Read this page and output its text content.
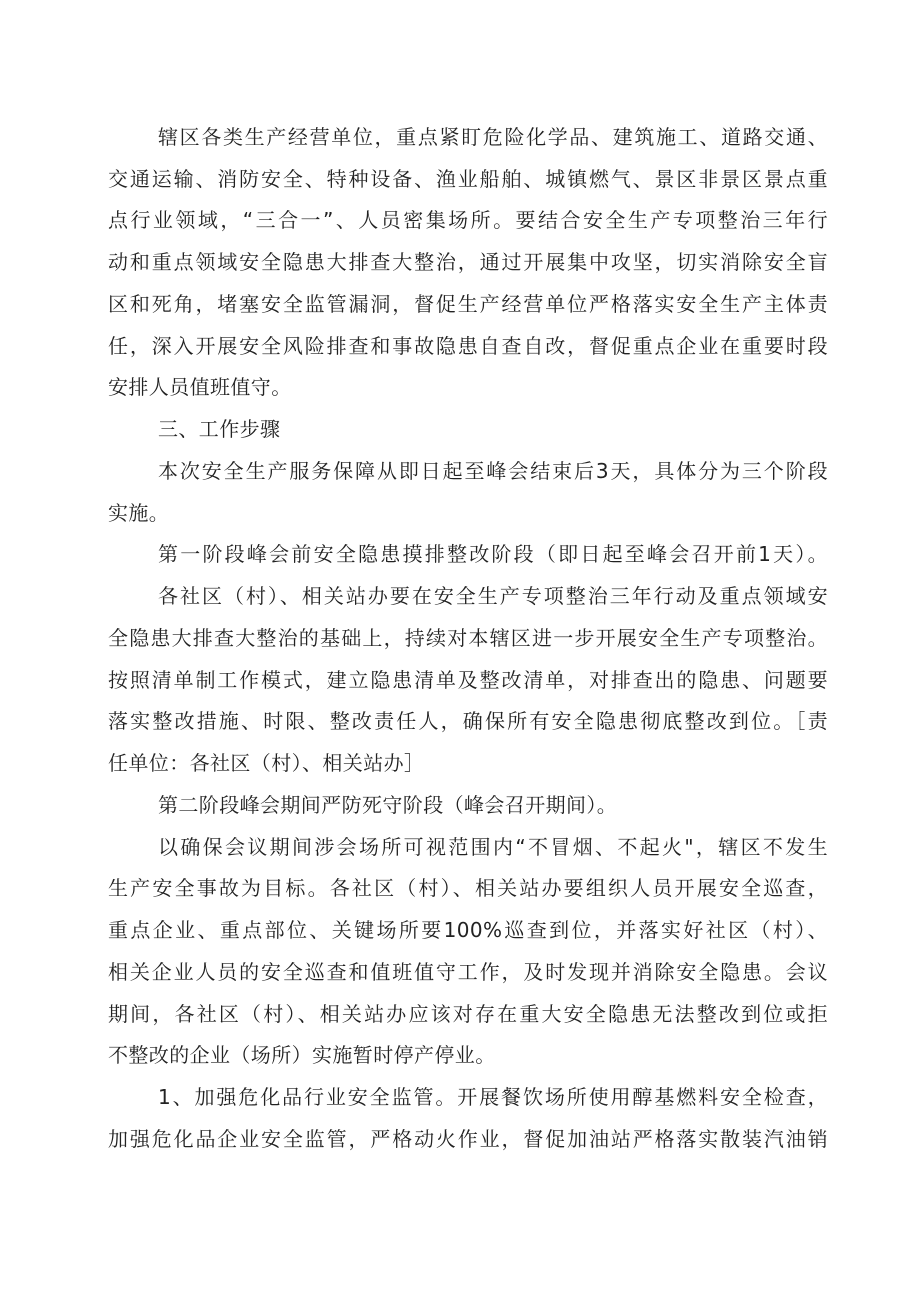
辖区各类生产经营单位，重点紧盯危险化学品、建筑施工、道路交通、
交通运输、消防安全、特种设备、渔业船舶、城镇燃气、景区非景区景点重
点行业领域，“三合一”、人员密集场所。要结合安全生产专项整治三年行
动和重点领域安全隐患大排查大整治，通过开展集中攻坚，切实消除安全盲
区和死角，堵塞安全监管漏洞，督促生产经营单位严格落实安全生产主体责
任，深入开展安全风险排查和事故隐患自查自改，督促重点企业在重要时段
安排人员值班值守。
三、工作步骤
本次安全生产服务保障从即日起至峰会结束后3天，具体分为三个阶段
实施。
第一阶段峰会前安全隐患摸排整改阶段（即日起至峰会召开前1天）。
各社区（村）、相关站办要在安全生产专项整治三年行动及重点领域安
全隐患大排查大整治的基础上，持续对本辖区进一步开展安全生产专项整治。
按照清单制工作模式，建立隐患清单及整改清单，对排查出的隐患、问题要
落实整改措施、时限、整改责任人，确保所有安全隐患彻底整改到位。［责
任单位：各社区（村）、相关站办］
第二阶段峰会期间严防死守阶段（峰会召开期间）。
以确保会议期间涉会场所可视范围内“不冒烟、不起火"，辖区不发生
生产安全事故为目标。各社区（村）、相关站办要组织人员开展安全巡查，
重点企业、重点部位、关键场所要100%巡查到位，并落实好社区（村）、
相关企业人员的安全巡查和值班值守工作，及时发现并消除安全隐患。会议
期间，各社区（村）、相关站办应该对存在重大安全隐患无法整改到位或拒
不整改的企业（场所）实施暂时停产停业。
1、加强危化品行业安全监管。开展餐饮场所使用醇基燃料安全检查，
加强危化品企业安全监管，严格动火作业，督促加油站严格落实散装汽油销
